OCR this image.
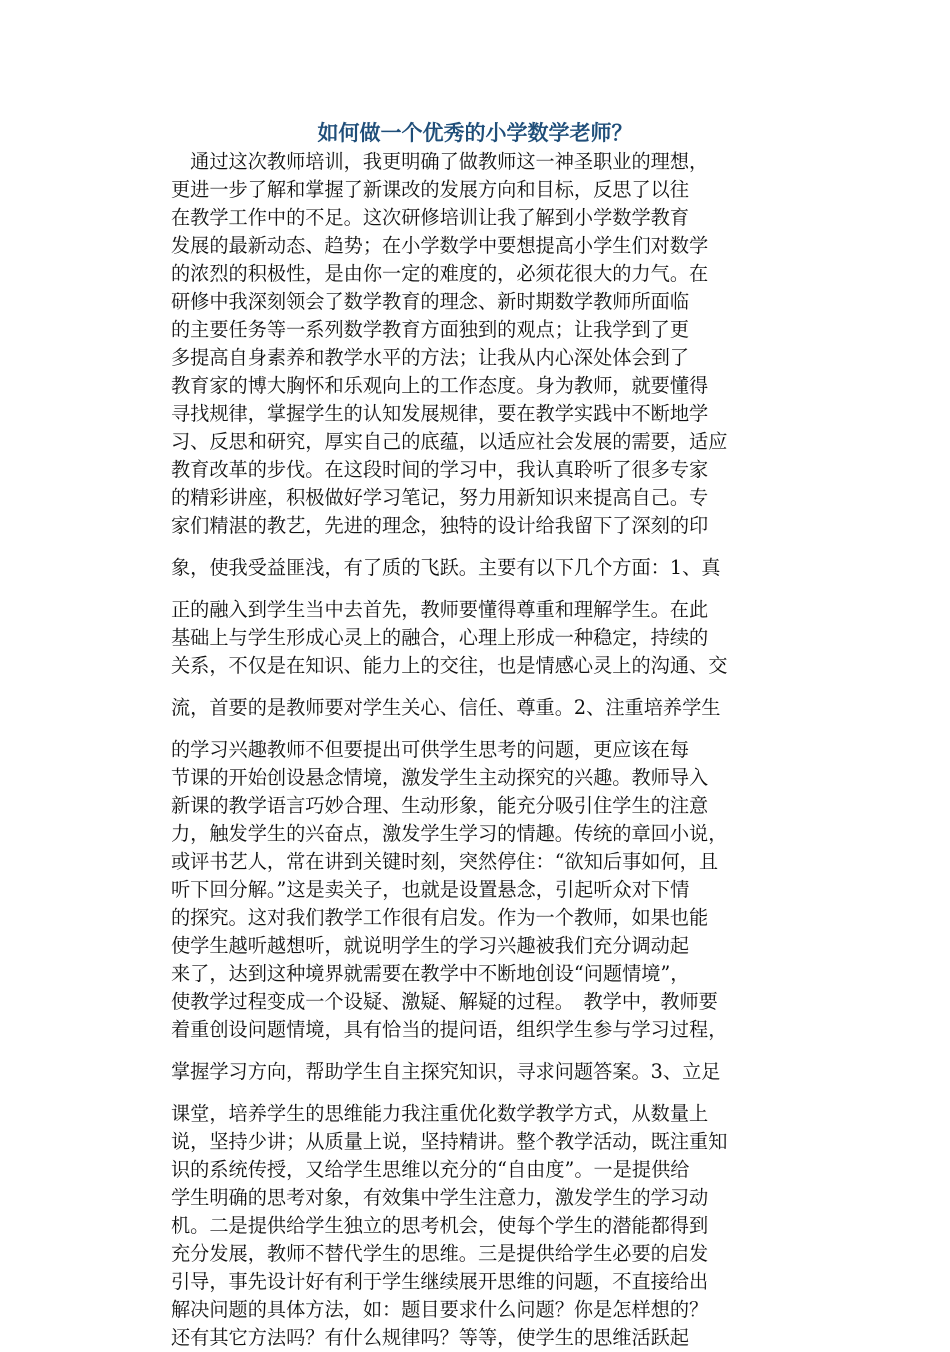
如何做一个优秀的小学数学老师？
　通过这次教师培训，我更明确了做教师这一神圣职业的理想，
更进一步了解和掌握了新课改的发展方向和目标，反思了以往
在教学工作中的不足。这次研修培训让我了解到小学数学教育
发展的最新动态、趋势；在小学数学中要想提高小学生们对数学
的浓烈的积极性，是由你一定的难度的，必须花很大的力气。在
研修中我深刻领会了数学教育的理念、新时期数学教师所面临
的主要任务等一系列数学教育方面独到的观点；让我学到了更
多提高自身素养和教学水平的方法；让我从内心深处体会到了
教育家的博大胸怀和乐观向上的工作态度。身为教师，就要懂得
寻找规律，掌握学生的认知发展规律，要在教学实践中不断地学
习、反思和研究，厚实自己的底蕴，以适应社会发展的需要，适应
教育改革的步伐。在这段时间的学习中，我认真聆听了很多专家
的精彩讲座，积极做好学习笔记，努力用新知识来提高自己。专
家们精湛的教艺，先进的理念，独特的设计给我留下了深刻的印
象，使我受益匪浅，有了质的飞跃。主要有以下几个方面：1、真
正的融入到学生当中去首先，教师要懂得尊重和理解学生。在此
基础上与学生形成心灵上的融合，心理上形成一种稳定，持续的
关系，不仅是在知识、能力上的交往，也是情感心灵上的沟通、交
流，首要的是教师要对学生关心、信任、尊重。2、注重培养学生
的学习兴趣教师不但要提出可供学生思考的问题，更应该在每
节课的开始创设悬念情境，激发学生主动探究的兴趣。教师导入
新课的教学语言巧妙合理、生动形象，能充分吸引住学生的注意
力，触发学生的兴奋点，激发学生学习的情趣。传统的章回小说，
或评书艺人，常在讲到关键时刻，突然停住：“欲知后事如何，且
听下回分解。”这是卖关子，也就是设置悬念，引起听众对下情
的探究。这对我们教学工作很有启发。作为一个教师，如果也能
使学生越听越想听，就说明学生的学习兴趣被我们充分调动起
来了，达到这种境界就需要在教学中不断地创设“问题情境”，
使教学过程变成一个设疑、激疑、解疑的过程。　教学中，教师要
着重创设问题情境，具有恰当的提问语，组织学生参与学习过程，
掌握学习方向，帮助学生自主探究知识，寻求问题答案。3、立足
课堂，培养学生的思维能力我注重优化数学教学方式，从数量上
说，坚持少讲；从质量上说，坚持精讲。整个教学活动，既注重知
识的系统传授，又给学生思维以充分的“自由度”。一是提供给
学生明确的思考对象，有效集中学生注意力，激发学生的学习动
机。二是提供给学生独立的思考机会，使每个学生的潜能都得到
充分发展，教师不替代学生的思维。三是提供给学生必要的启发
引导，事先设计好有利于学生继续展开思维的问题，不直接给出
解决问题的具体方法，如：题目要求什么问题？你是怎样想的？
还有其它方法吗？有什么规律吗？等等，使学生的思维活跃起
